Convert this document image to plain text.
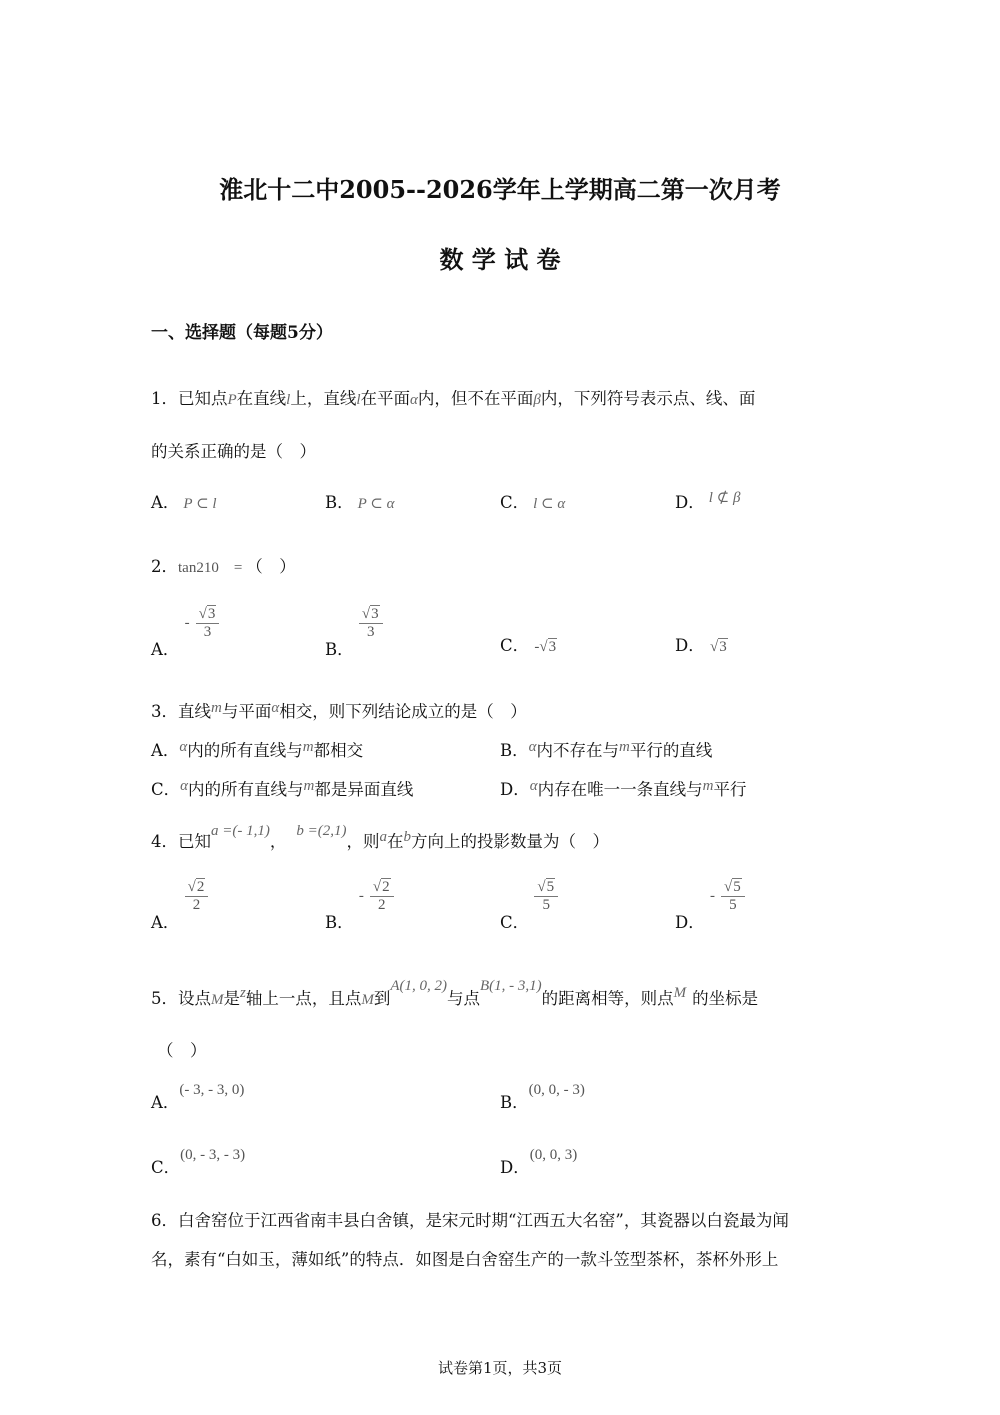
淮北十二中2005--2026学年上学期高二第一次月考
数 学 试 卷
一、选择题（每题5分）
1．已知点P在直线l上，直线l在平面α内，但不在平面β内，下列符号表示点、线、面
的关系正确的是（　）
A． P ⊂ l	B． P ⊂ α	C． l ⊂ α	D． l ⊄ β
2．tan210　= （　）
A． - $\frac{√3}{3}$
B．
$\frac{√3}{3}$
C． -√3	D． √3
3．直线m与平面α相交，则下列结论成立的是（　）
A．α内的所有直线与m都相交	B．α内不存在与m平行的直线
C．α内的所有直线与m都是异面直线	D．α内存在唯一一条直线与m平行
4．已知a =(- 1,1)，b =(2,1)，则a在b方向上的投影数量为（　）
A．
$\frac{√2}{2}$
B． - $\frac{√2}{2}$
C．
$\frac{√5}{5}$
D． - $\frac{√5}{5}$
5．设点M是z轴上一点，且点M到A(1, 0, 2)与点B(1, - 3,1)的距离相等，则点M 的坐标是
（　）
A．(- 3, - 3, 0)
B．(0, 0, - 3)
C．(0, - 3, - 3)
D．(0, 0, 3)
6．白舍窑位于江西省南丰县白舍镇，是宋元时期“江西五大名窑”，其瓷器以白瓷最为闻
名，素有“白如玉，薄如纸”的特点．如图是白舍窑生产的一款斗笠型茶杯，茶杯外形上
试卷第1页，共3页
